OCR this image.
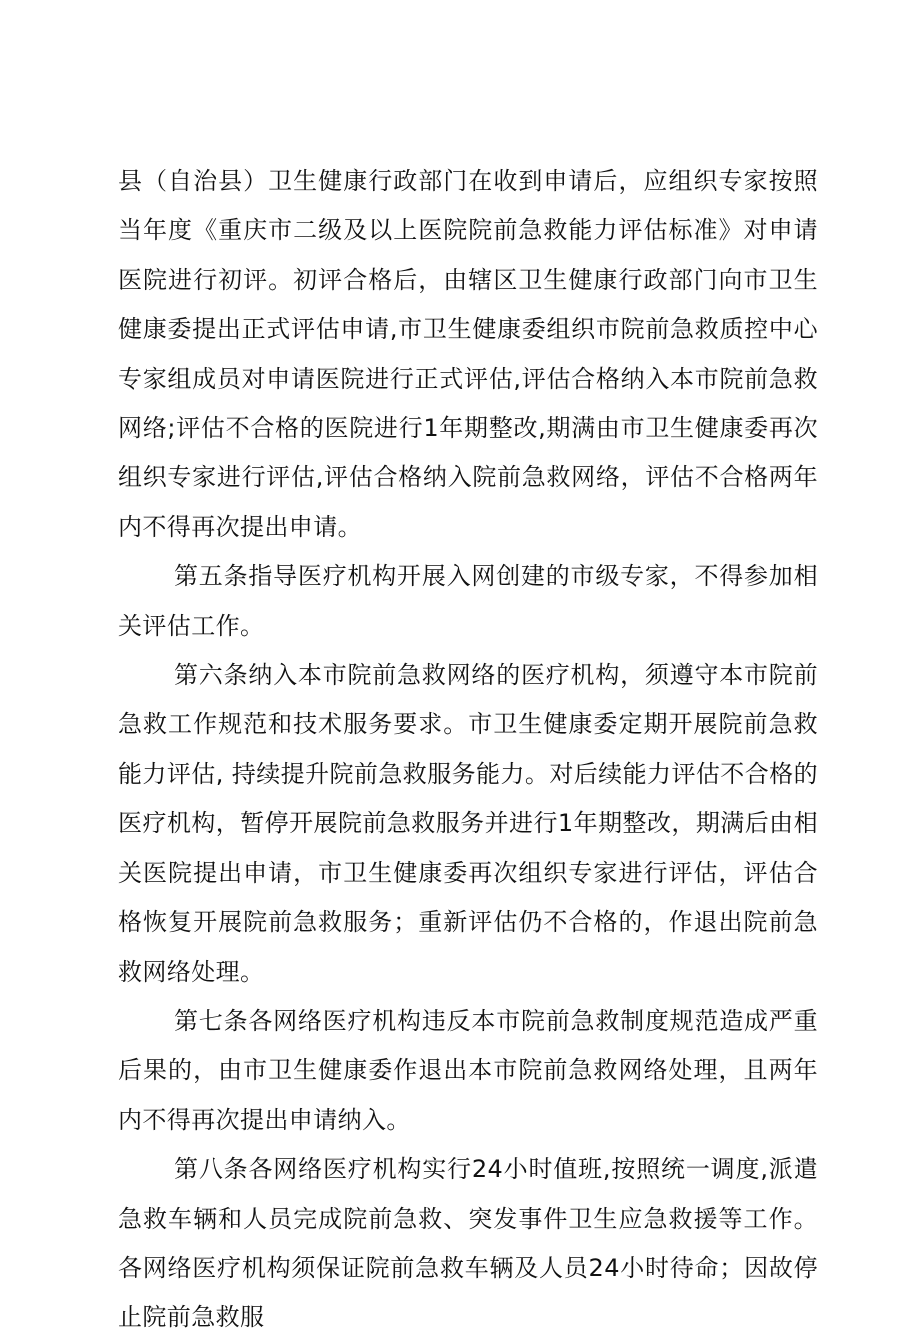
县（自治县）卫生健康行政部门在收到申请后，应组织专家按照当年度《重庆市二级及以上医院院前急救能力评估标准》对申请医院进行初评。初评合格后，由辖区卫生健康行政部门向市卫生健康委提出正式评估申请,市卫生健康委组织市院前急救质控中心专家组成员对申请医院进行正式评估,评估合格纳入本市院前急救网络;评估不合格的医院进行1年期整改,期满由市卫生健康委再次组织专家进行评估,评估合格纳入院前急救网络，评估不合格两年内不得再次提出申请。

第五条指导医疗机构开展入网创建的市级专家，不得参加相关评估工作。

第六条纳入本市院前急救网络的医疗机构，须遵守本市院前急救工作规范和技术服务要求。市卫生健康委定期开展院前急救能力评估, 持续提升院前急救服务能力。对后续能力评估不合格的医疗机构，暂停开展院前急救服务并进行1年期整改，期满后由相关医院提出申请，市卫生健康委再次组织专家进行评估，评估合格恢复开展院前急救服务；重新评估仍不合格的，作退出院前急救网络处理。

第七条各网络医疗机构违反本市院前急救制度规范造成严重后果的，由市卫生健康委作退出本市院前急救网络处理，且两年内不得再次提出申请纳入。

第八条各网络医疗机构实行24小时值班,按照统一调度,派遣急救车辆和人员完成院前急救、突发事件卫生应急救援等工作。各网络医疗机构须保证院前急救车辆及人员24小时待命；因故停止院前急救服
